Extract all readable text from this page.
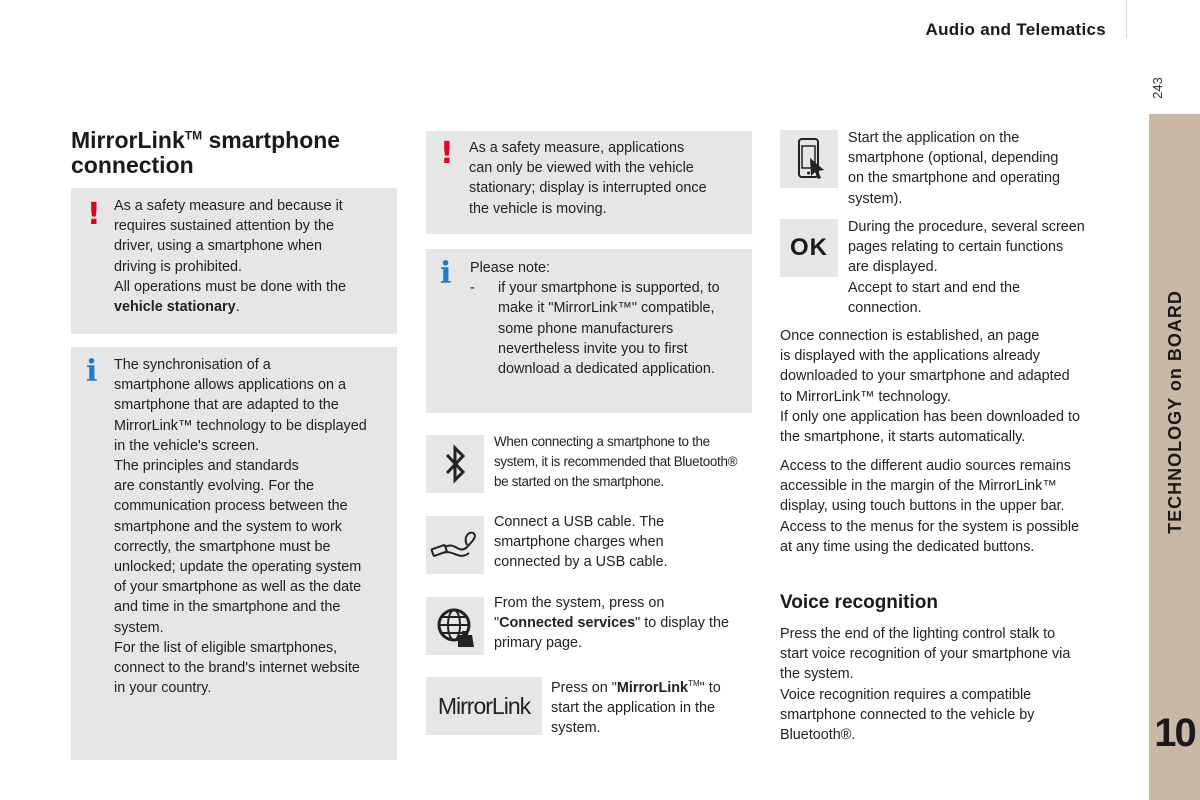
Audio and Telematics
243
TECHNOLOGY on BOARD
10
MirrorLink™ smartphone connection
! As a safety measure and because it
requires sustained attention by the
driver, using a smartphone when
driving is prohibited.
All operations must be done with the
vehicle stationary.
i The synchronisation of a
smartphone allows applications on a
smartphone that are adapted to the
MirrorLink™ technology to be displayed
in the vehicle's screen.
The principles and standards
are constantly evolving. For the
communication process between the
smartphone and the system to work
correctly, the smartphone must be
unlocked; update the operating system
of your smartphone as well as the date
and time in the smartphone and the
system.
For the list of eligible smartphones,
connect to the brand's internet website
in your country.
! As a safety measure, applications
can only be viewed with the vehicle
stationary; display is interrupted once
the vehicle is moving.
i Please note:
-	if your smartphone is supported, to
make it "MirrorLink™" compatible,
some phone manufacturers
nevertheless invite you to first
download a dedicated application.
When connecting a smartphone to the
system, it is recommended that Bluetooth®
be started on the smartphone.
Connect a USB cable. The
smartphone charges when
connected by a USB cable.
From the system, press on
"Connected services" to display the
primary page.
MirrorLink
Press on "MirrorLink™" to
start the application in the
system.
Start the application on the
smartphone (optional, depending
on the smartphone and operating
system).
OK
During the procedure, several screen
pages relating to certain functions
are displayed.
Accept to start and end the
connection.
Once connection is established, an page
is displayed with the applications already
downloaded to your smartphone and adapted
to MirrorLink™ technology.
If only one application has been downloaded to
the smartphone, it starts automatically.
Access to the different audio sources remains
accessible in the margin of the MirrorLink™
display, using touch buttons in the upper bar.
Access to the menus for the system is possible
at any time using the dedicated buttons.
Voice recognition
Press the end of the lighting control stalk to
start voice recognition of your smartphone via
the system.
Voice recognition requires a compatible
smartphone connected to the vehicle by
Bluetooth®.
